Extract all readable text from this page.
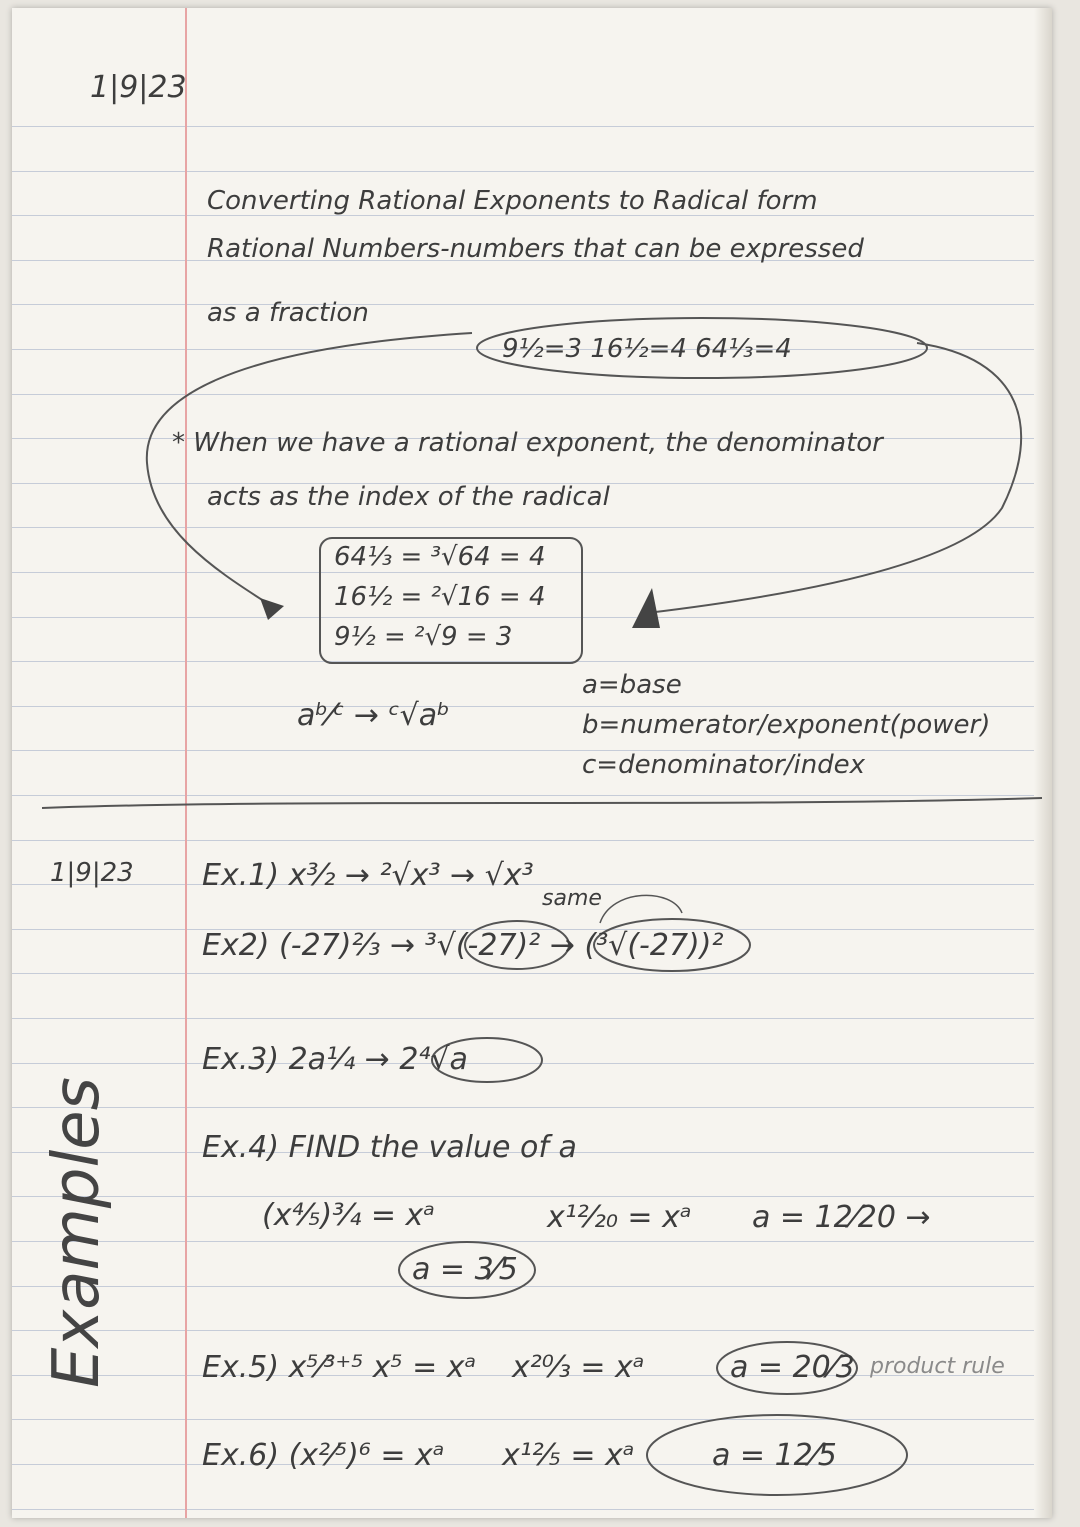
1|9|23
Converting Rational Exponents to Radical form
Rational Numbers-numbers that can be expressed
as a fraction
9¹⁄₂=3 16¹⁄₂=4 64¹⁄₃=4
* When we have a rational exponent, the denominator
acts as the index of the radical
64¹⁄₃ = ³√64 = 4
16¹⁄₂ = ²√16 = 4
9¹⁄₂ = ²√9 = 3
aᵇ⁄ᶜ → ᶜ√aᵇ
a=base
b=numerator/exponent(power)
c=denominator/index
1|9|23
Examples
Ex.1) x³⁄₂ → ²√x³ → √x³
same
Ex2) (-27)²⁄₃ → ³√(-27)² → (³√(-27))²
Ex.3) 2a¹⁄₄ → 2⁴√a
Ex.4) FIND the value of a
(x⁴⁄₅)³⁄₄ = xᵃ	x¹²⁄₂₀ = xᵃ a = 12⁄20 →
a = 3⁄5
Ex.5) x⁵⁄³⁺⁵ x⁵ = xᵃ x²⁰⁄₃ = xᵃ	a = 20⁄3 product rule
Ex.6) (x²⁄⁵)⁶ = xᵃ x¹²⁄₅ = xᵃ	a = 12⁄5
